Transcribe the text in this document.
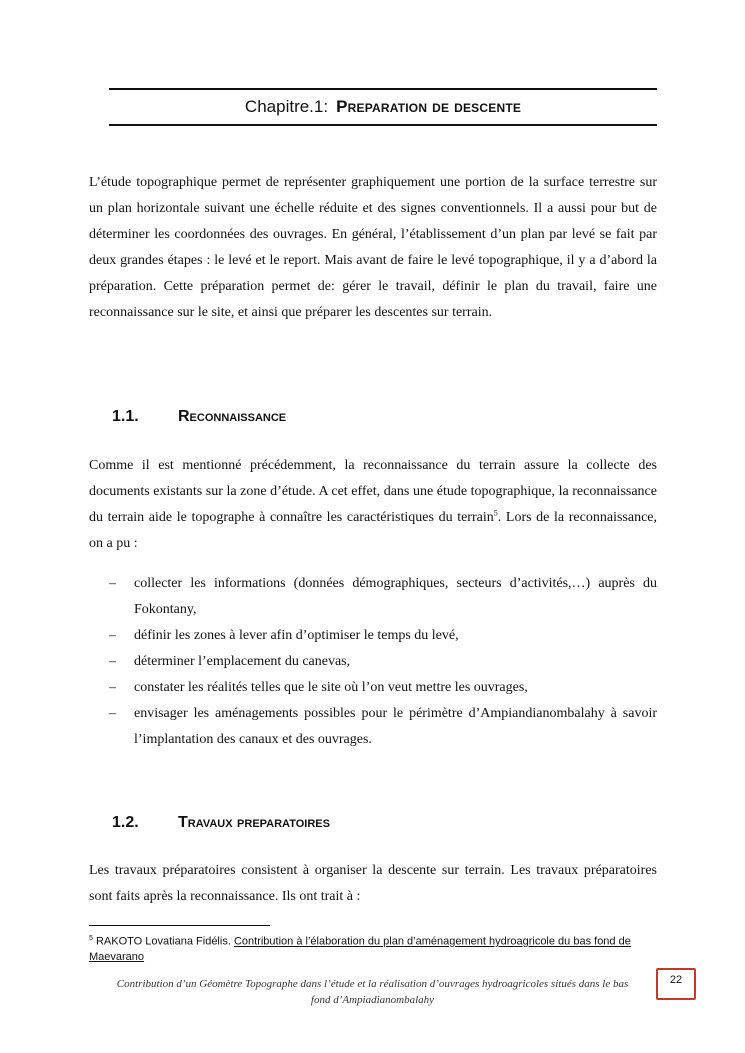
Chapitre.1: Preparation de descente

L’étude topographique permet de représenter graphiquement une portion de la surface terrestre sur un plan horizontale suivant une échelle réduite et des signes conventionnels. Il a aussi pour but de déterminer les coordonnées des ouvrages. En général, l’établissement d’un plan par levé se fait par deux grandes étapes : le levé et le report. Mais avant de faire le levé topographique, il y a d’abord la préparation. Cette préparation permet de: gérer le travail, définir le plan du travail, faire une reconnaissance sur le site, et ainsi que préparer les descentes sur terrain.

1.1. Reconnaissance

Comme il est mentionné précédemment, la reconnaissance du terrain assure la collecte des documents existants sur la zone d’étude. A cet effet, dans une étude topographique, la reconnaissance du terrain aide le topographe à connaître les caractéristiques du terrain$^5$. Lors de la reconnaissance, on a pu :

– collecter les informations (données démographiques, secteurs d’activités,…) auprès du Fokontany,
– définir les zones à lever afin d’optimiser le temps du levé,
– déterminer l’emplacement du canevas,
– constater les réalités telles que le site où l’on veut mettre les ouvrages,
– envisager les aménagements possibles pour le périmètre d’Ampiandianombalahy à savoir l’implantation des canaux et des ouvrages.
1.2. Travaux preparatoires

Les travaux préparatoires consistent à organiser la descente sur terrain. Les travaux préparatoires sont faits après la reconnaissance. Ils ont trait à :

$^5$ RAKOTO Lovatiana Fidélis. Contribution à l’élaboration du plan d’aménagement hydroagricole du bas fond de Maevarano
Contribution d’un Géomètre Topographe dans l’étude et la réalisation d’ouvrages hydroagricoles situés dans le bas fond d’Ampiadianombalahy
22
